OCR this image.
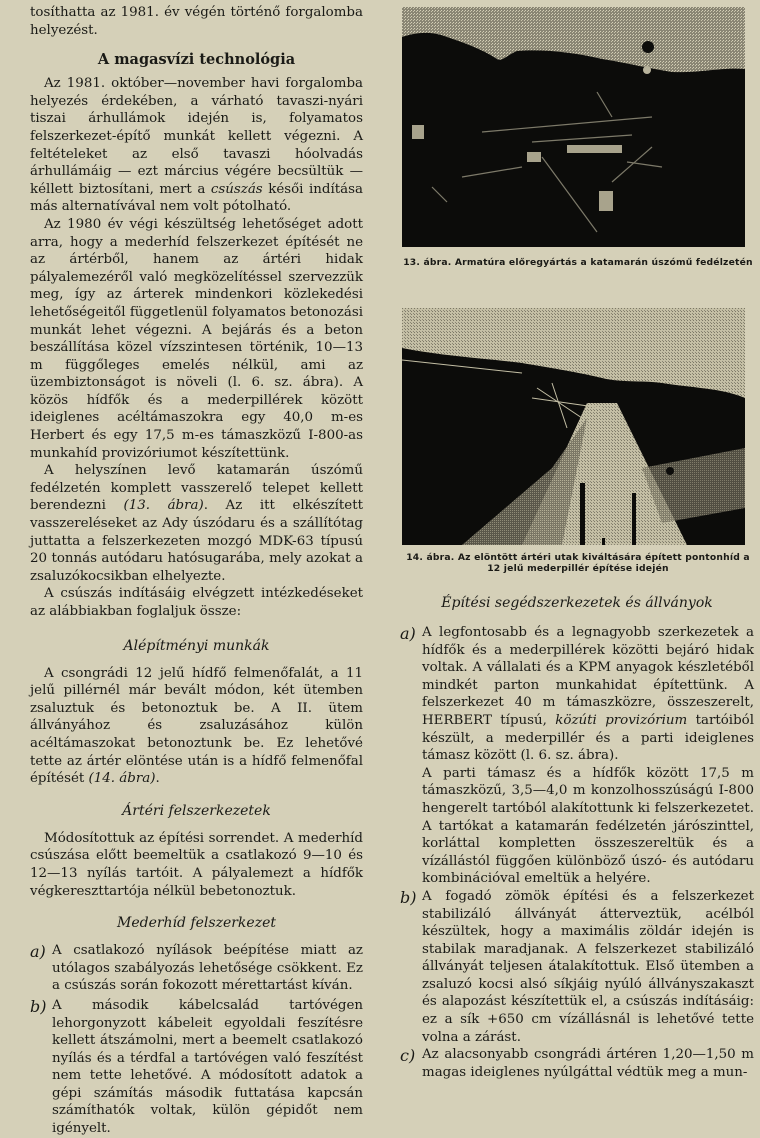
tosíthatta az 1981. év végén történő forgalomba helyezést.

A magasvízi technológia

Az 1981. október—november havi forgalomba helyezés érdekében, a várható tavaszi-nyári tiszai árhullámok idején is, folyamatos felszerkezet-építő munkát kellett végezni. A feltételeket az első tavaszi hóolvadás árhullámáig — ezt március végére becsültük — kéllett biztosítani, mert a csúszás késői indítása más alternatívával nem volt pótolható.

Az 1980 év végi készültség lehetőséget adott arra, hogy a mederhíd felszerkezet építését ne az ártérből, hanem az ártéri hidak pályalemezéről való megközelítéssel szervezzük meg, így az árterek mindenkori közlekedési lehetőségeitől függetlenül folyamatos betonozási munkát lehet végezni. A bejárás és a beton beszállítása közel vízszintesen történik, 10—13 m függőleges emelés nélkül, ami az üzembiztonságot is növeli (l. 6. sz. ábra). A közös hídfők és a mederpillérek között ideiglenes acéltámaszokra egy 40,0 m-es Herbert és egy 17,5 m-es támaszközű I-800-as munkahíd provizóriumot készítettünk.

A helyszínen levő katamarán úszómű fedélzetén komplett vasszerelő telepet kellett berendezni (13. ábra). Az itt elkészített vasszereléseket az Ady úszódaru és a szállítótag juttatta a felszerkezeten mozgó MDK-63 típusú 20 tonnás autódaru hatósugarába, mely azokat a zsaluzókocsikban elhelyezte.

A csúszás indításáig elvégzett intézkedéseket az alábbiakban foglaljuk össze:

Alépítményi munkák

A csongrádi 12 jelű hídfő felmenőfalát, a 11 jelű pillérnél már bevált módon, két ütemben zsaluztuk és betonoztuk be. A II. ütem állványához és zsaluzásához külön acéltámaszokat betonoztunk be. Ez lehetővé tette az ártér elöntése után is a hídfő felmenőfal építését (14. ábra).

Ártéri felszerkezetek

Módosítottuk az építési sorrendet. A mederhíd csúszása előtt beemeltük a csatlakozó 9—10 és 12—13 nyílás tartóit. A pályalemezt a hídfők végkereszttartója nélkül bebetonoztuk.

Mederhíd felszerkezet
a) A csatlakozó nyílások beépítése miatt az utólagos szabályozás lehetősége csökkent. Ez a csúszás során fokozott mérettartást kíván.

b) A második kábelcsalád tartóvégen lehorgonyzott kábeleit egyoldali feszítésre kellett átszámolni, mert a beemelt csatlakozó nyílás és a térdfal a tartóvégen való feszítést nem tette lehetővé. A módosított adatok a gépi számítás második futtatása kapcsán számíthatók voltak, külön gépidőt nem igényelt.

13. ábra. Armatúra előregyártás a katamarán úszómű fedélzetén
14. ábra. Az elöntött ártéri utak kiváltására épített pontonhíd a 12 jelű mederpillér építése idején
Építési segédszerkezetek és állványok
a) A legfontosabb és a legnagyobb szerkezetek a hídfők és a mederpillérek közötti bejáró hidak voltak. A vállalati és a KPM anyagok készletéből mindkét parton munkahidat építettünk. A felszerkezet 40 m támaszközre, összeszerelt, HERBERT típusú, közúti provizórium tartóiból készült, a mederpillér és a parti ideiglenes támasz között (l. 6. sz. ábra).

A parti támasz és a hídfők között 17,5 m támaszközű, 3,5—4,0 m konzolhosszúságú I-800 hengerelt tartóból alakítottunk ki felszerkezetet. A tartókat a katamarán fedélzetén járószinttel, korláttal kompletten összeszereltük és a vízállástól függően különböző úszó- és autódaru kombinációval emeltük a helyére.

b) A fogadó zömök építési és a felszerkezet stabilizáló állványát átterveztük, acélból készültek, hogy a maximális zöldár idején is stabilak maradjanak. A felszerkezet stabilizáló állványát teljesen átalakítottuk. Első ütemben a zsaluzó kocsi alsó síkjáig nyúló állványszakaszt és alapozást készítettük el, a csúszás indításáig: ez a sík +650 cm vízállásnál is lehetővé tette volna a zárást.

c) Az alacsonyabb csongrádi ártéren 1,20—1,50 m magas ideiglenes nyúlgáttal védtük meg a mun-
